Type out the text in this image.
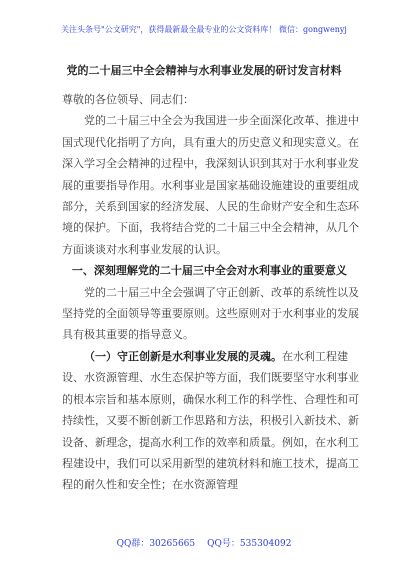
关注头条号"公文研究"，获得最新最全最专业的公文资料库！ 微信：gongwenyj
党的二十届三中全会精神与水利事业发展的研讨发言材料

尊敬的各位领导、同志们：

党的二十届三中全会为我国进一步全面深化改革、推进中国式现代化指明了方向，具有重大的历史意义和现实意义。在深入学习全会精神的过程中，我深刻认识到其对于水利事业发展的重要指导作用。水利事业是国家基础设施建设的重要组成部分，关系到国家的经济发展、人民的生命财产安全和生态环境的保护。下面，我将结合党的二十届三中全会精神，从几个方面谈谈对水利事业发展的认识。

一、深刻理解党的二十届三中全会对水利事业的重要意义

党的二十届三中全会强调了守正创新、改革的系统性以及坚持党的全面领导等重要原则。这些原则对于水利事业的发展具有极其重要的指导意义。

（一）守正创新是水利事业发展的灵魂。在水利工程建设、水资源管理、水生态保护等方面，我们既要坚守水利事业的根本宗旨和基本原则，确保水利工作的科学性、合理性和可持续性，又要不断创新工作思路和方法，积极引入新技术、新设备、新理念，提高水利工作的效率和质量。例如，在水利工程建设中，我们可以采用新型的建筑材料和施工技术，提高工程的耐久性和安全性；在水资源管理

QQ群：30265665 QQ号：535304092
